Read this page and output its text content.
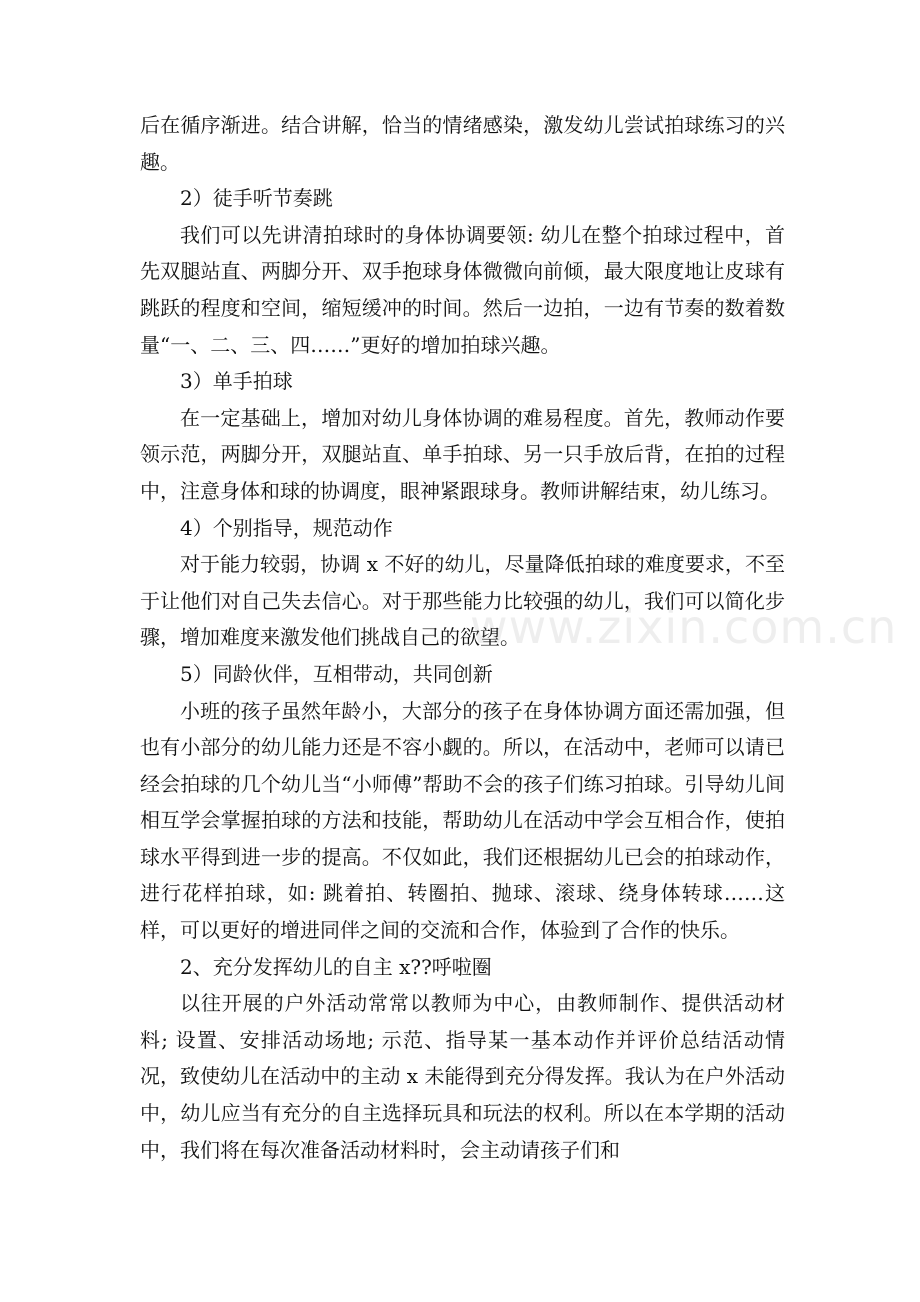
后在循序渐进。结合讲解，恰当的情绪感染，激发幼儿尝试拍球练习的兴趣。

2）徒手听节奏跳

我们可以先讲清拍球时的身体协调要领: 幼儿在整个拍球过程中，首先双腿站直、两脚分开、双手抱球身体微微向前倾，最大限度地让皮球有跳跃的程度和空间，缩短缓冲的时间。然后一边拍，一边有节奏的数着数量“一、二、三、四……”更好的增加拍球兴趣。

3）单手拍球

在一定基础上，增加对幼儿身体协调的难易程度。首先，教师动作要领示范，两脚分开，双腿站直、单手拍球、另一只手放后背，在拍的过程中，注意身体和球的协调度，眼神紧跟球身。教师讲解结束，幼儿练习。

4）个别指导，规范动作

对于能力较弱，协调 x 不好的幼儿，尽量降低拍球的难度要求，不至于让他们对自己失去信心。对于那些能力比较强的幼儿，我们可以简化步骤，增加难度来激发他们挑战自己的欲望。

5）同龄伙伴，互相带动，共同创新

小班的孩子虽然年龄小，大部分的孩子在身体协调方面还需加强，但也有小部分的幼儿能力还是不容小觑的。所以，在活动中，老师可以请已经会拍球的几个幼儿当“小师傅”帮助不会的孩子们练习拍球。引导幼儿间相互学会掌握拍球的方法和技能，帮助幼儿在活动中学会互相合作，使拍球水平得到进一步的提高。不仅如此，我们还根据幼儿已会的拍球动作，进行花样拍球，如: 跳着拍、转圈拍、抛球、滚球、绕身体转球……这样，可以更好的增进同伴之间的交流和合作，体验到了合作的快乐。

2、充分发挥幼儿的自主 x??呼啦圈

以往开展的户外活动常常以教师为中心，由教师制作、提供活动材料; 设置、安排活动场地; 示范、指导某一基本动作并评价总结活动情况，致使幼儿在活动中的主动 x 未能得到充分得发挥。我认为在户外活动中，幼儿应当有充分的自主选择玩具和玩法的权利。所以在本学期的活动中，我们将在每次准备活动材料时，会主动请孩子们和

www.zixin.com.cn
